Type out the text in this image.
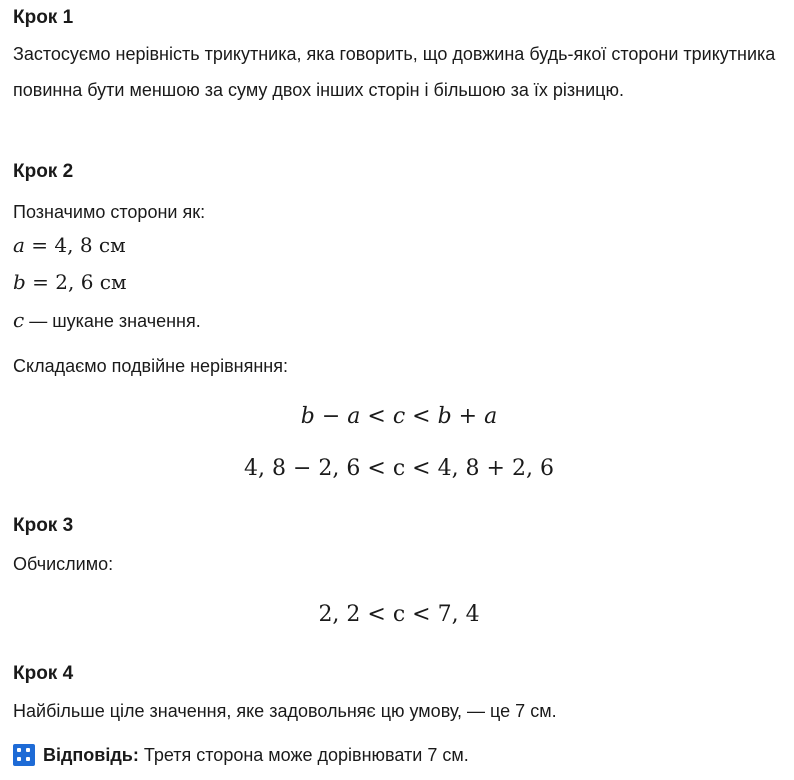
Крок 1
Застосуємо нерівність трикутника, яка говорить, що довжина будь-якої сторони трикутника повинна бути меншою за суму двох інших сторін і більшою за їх різницю.
Крок 2
Позначимо сторони як:
a = 4, 8 см
b = 2, 6 см
c — шукане значення.
Складаємо подвійне нерівняння:
b − a < c < b + a
4, 8 − 2, 6 < c < 4, 8 + 2, 6
Крок 3
Обчислимо:
2, 2 < c < 7, 4
Крок 4
Найбільше ціле значення, яке задовольняє цю умову, — це 7 см.
Відповідь: Третя сторона може дорівнювати 7 см.
